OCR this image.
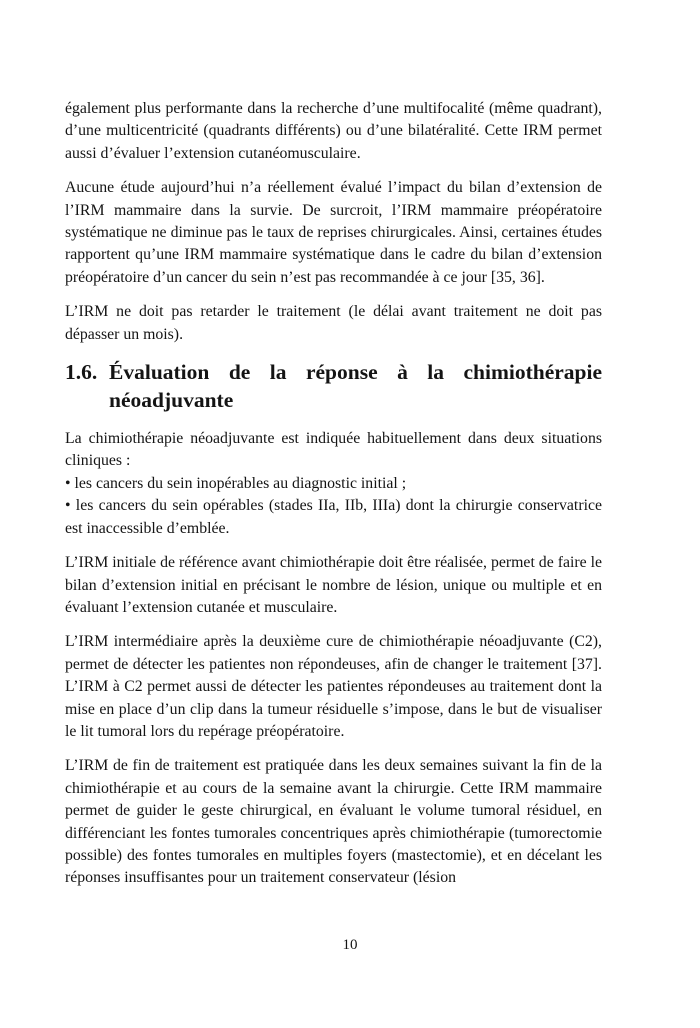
également plus performante dans la recherche d’une multifocalité (même quadrant), d’une multicentricité (quadrants différents) ou d’une bilatéralité. Cette IRM permet aussi d’évaluer l’extension cutanéomusculaire.

Aucune étude aujourd’hui n’a réellement évalué l’impact du bilan d’extension de l’IRM mammaire dans la survie. De surcroit, l’IRM mammaire préopératoire systématique ne diminue pas le taux de reprises chirurgicales. Ainsi, certaines études rapportent qu’une IRM mammaire systématique dans le cadre du bilan d’extension préopératoire d’un cancer du sein n’est pas recommandée à ce jour [35, 36].

L’IRM ne doit pas retarder le traitement (le délai avant traitement ne doit pas dépasser un mois).

1.6. Évaluation de la réponse à la chimiothérapie
néoadjuvante

La chimiothérapie néoadjuvante est indiquée habituellement dans deux situations cliniques :

• les cancers du sein inopérables au diagnostic initial ;

• les cancers du sein opérables (stades IIa, IIb, IIIa) dont la chirurgie conservatrice est inaccessible d’emblée.

L’IRM initiale de référence avant chimiothérapie doit être réalisée, permet de faire le bilan d’extension initial en précisant le nombre de lésion, unique ou multiple et en évaluant l’extension cutanée et musculaire.

L’IRM intermédiaire après la deuxième cure de chimiothérapie néoadjuvante (C2), permet de détecter les patientes non répondeuses, afin de changer le traitement [37]. L’IRM à C2 permet aussi de détecter les patientes répondeuses au traitement dont la mise en place d’un clip dans la tumeur résiduelle s’impose, dans le but de visualiser le lit tumoral lors du repérage préopératoire.

L’IRM de fin de traitement est pratiquée dans les deux semaines suivant la fin de la chimiothérapie et au cours de la semaine avant la chirurgie. Cette IRM mammaire permet de guider le geste chirurgical, en évaluant le volume tumoral résiduel, en différenciant les fontes tumorales concentriques après chimiothérapie (tumorectomie possible) des fontes tumorales en multiples foyers (mastectomie), et en décelant les réponses insuffisantes pour un traitement conservateur (lésion

10
